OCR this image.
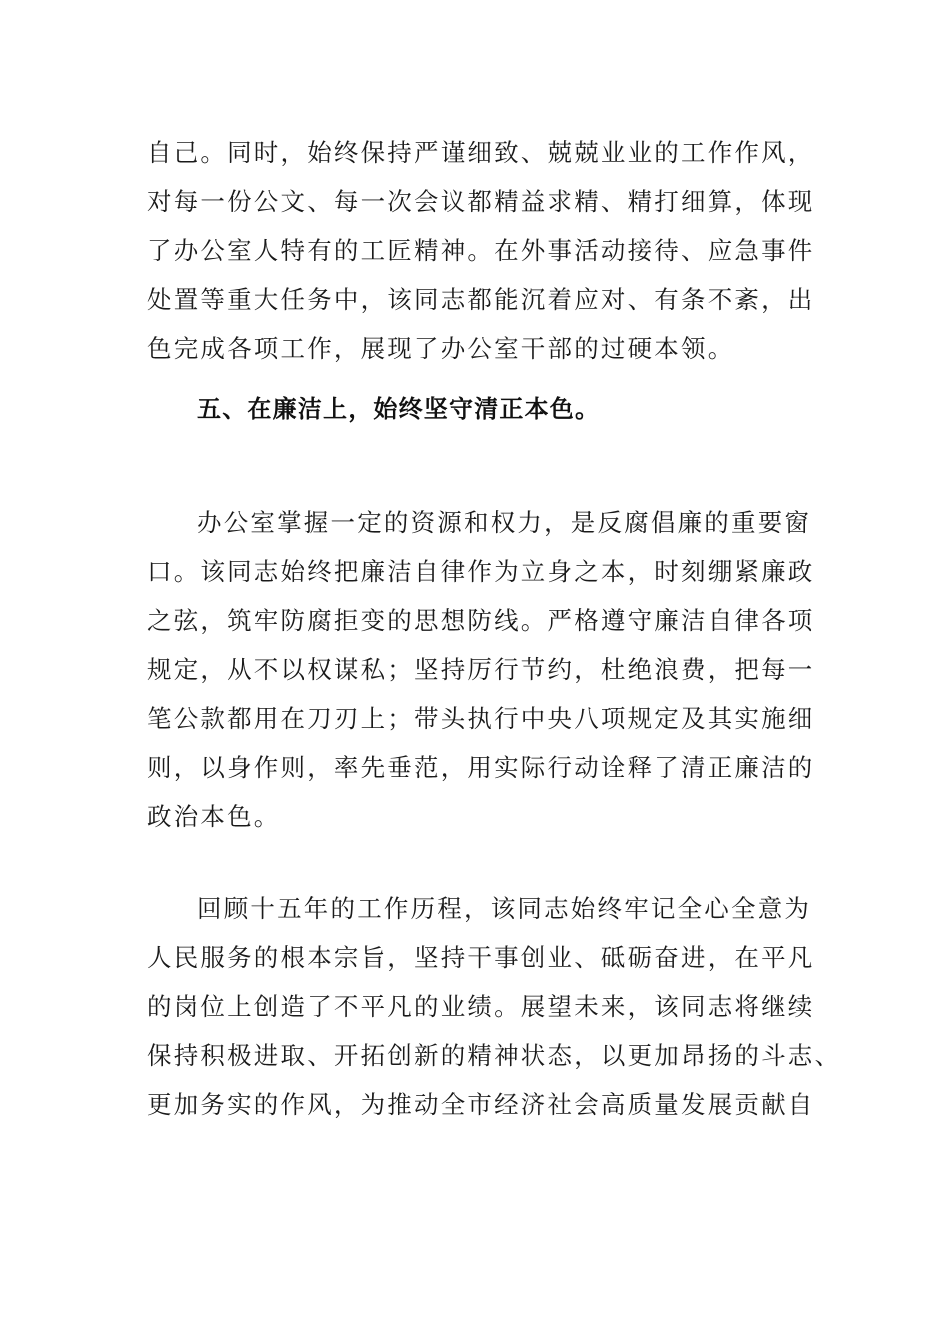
自己。同时，始终保持严谨细致、兢兢业业的工作作风，
对每一份公文、每一次会议都精益求精、精打细算，体现
了办公室人特有的工匠精神。在外事活动接待、应急事件
处置等重大任务中，该同志都能沉着应对、有条不紊，出
色完成各项工作，展现了办公室干部的过硬本领。
五、在廉洁上，始终坚守清正本色。
办公室掌握一定的资源和权力，是反腐倡廉的重要窗
口。该同志始终把廉洁自律作为立身之本，时刻绷紧廉政
之弦，筑牢防腐拒变的思想防线。严格遵守廉洁自律各项
规定，从不以权谋私；坚持厉行节约，杜绝浪费，把每一
笔公款都用在刀刃上；带头执行中央八项规定及其实施细
则，以身作则，率先垂范，用实际行动诠释了清正廉洁的
政治本色。
回顾十五年的工作历程，该同志始终牢记全心全意为
人民服务的根本宗旨，坚持干事创业、砥砺奋进，在平凡
的岗位上创造了不平凡的业绩。展望未来，该同志将继续
保持积极进取、开拓创新的精神状态，以更加昂扬的斗志、
更加务实的作风，为推动全市经济社会高质量发展贡献自
